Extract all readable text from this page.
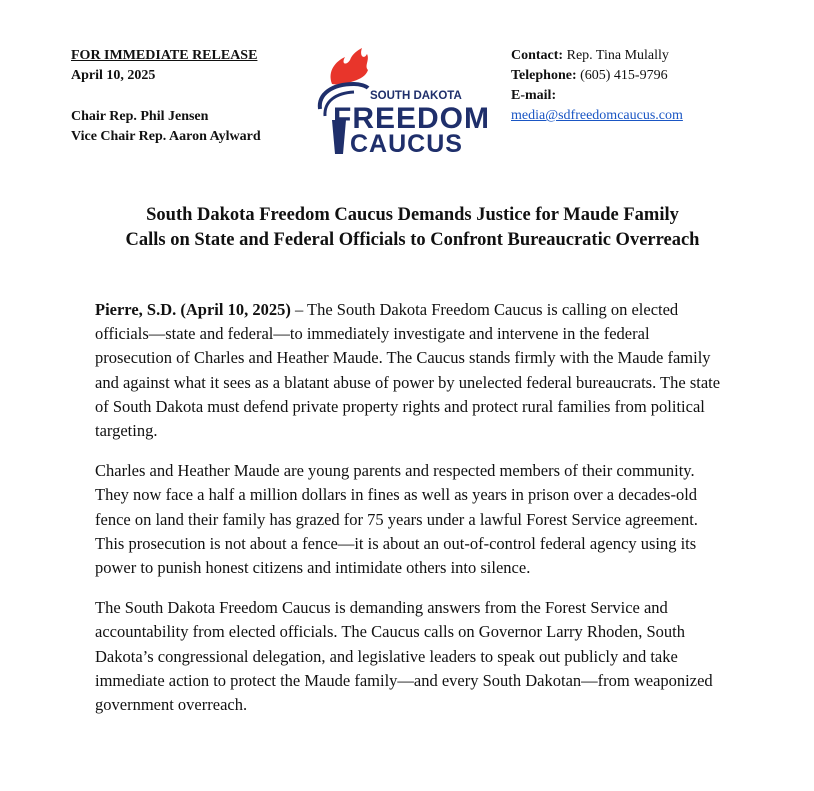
FOR IMMEDIATE RELEASE
April 10, 2025
Chair Rep. Phil Jensen
Vice Chair Rep. Aaron Aylward
SOUTH DAKOTA
FREEDOM
CAUCUS
Contact: Rep. Tina Mulally
Telephone: (605) 415-9796
E-mail:
media@sdfreedomcaucus.com
South Dakota Freedom Caucus Demands Justice for Maude Family
Calls on State and Federal Officials to Confront Bureaucratic Overreach

Pierre, S.D. (April 10, 2025) – The South Dakota Freedom Caucus is calling on elected officials—state and federal—to immediately investigate and intervene in the federal prosecution of Charles and Heather Maude. The Caucus stands firmly with the Maude family and against what it sees as a blatant abuse of power by unelected federal bureaucrats. The state of South Dakota must defend private property rights and protect rural families from political targeting.

Charles and Heather Maude are young parents and respected members of their community. They now face a half a million dollars in fines as well as years in prison over a decades-old fence on land their family has grazed for 75 years under a lawful Forest Service agreement. This prosecution is not about a fence—it is about an out-of-control federal agency using its power to punish honest citizens and intimidate others into silence.

The South Dakota Freedom Caucus is demanding answers from the Forest Service and accountability from elected officials. The Caucus calls on Governor Larry Rhoden, South Dakota’s congressional delegation, and legislative leaders to speak out publicly and take immediate action to protect the Maude family—and every South Dakotan—from weaponized government overreach.
